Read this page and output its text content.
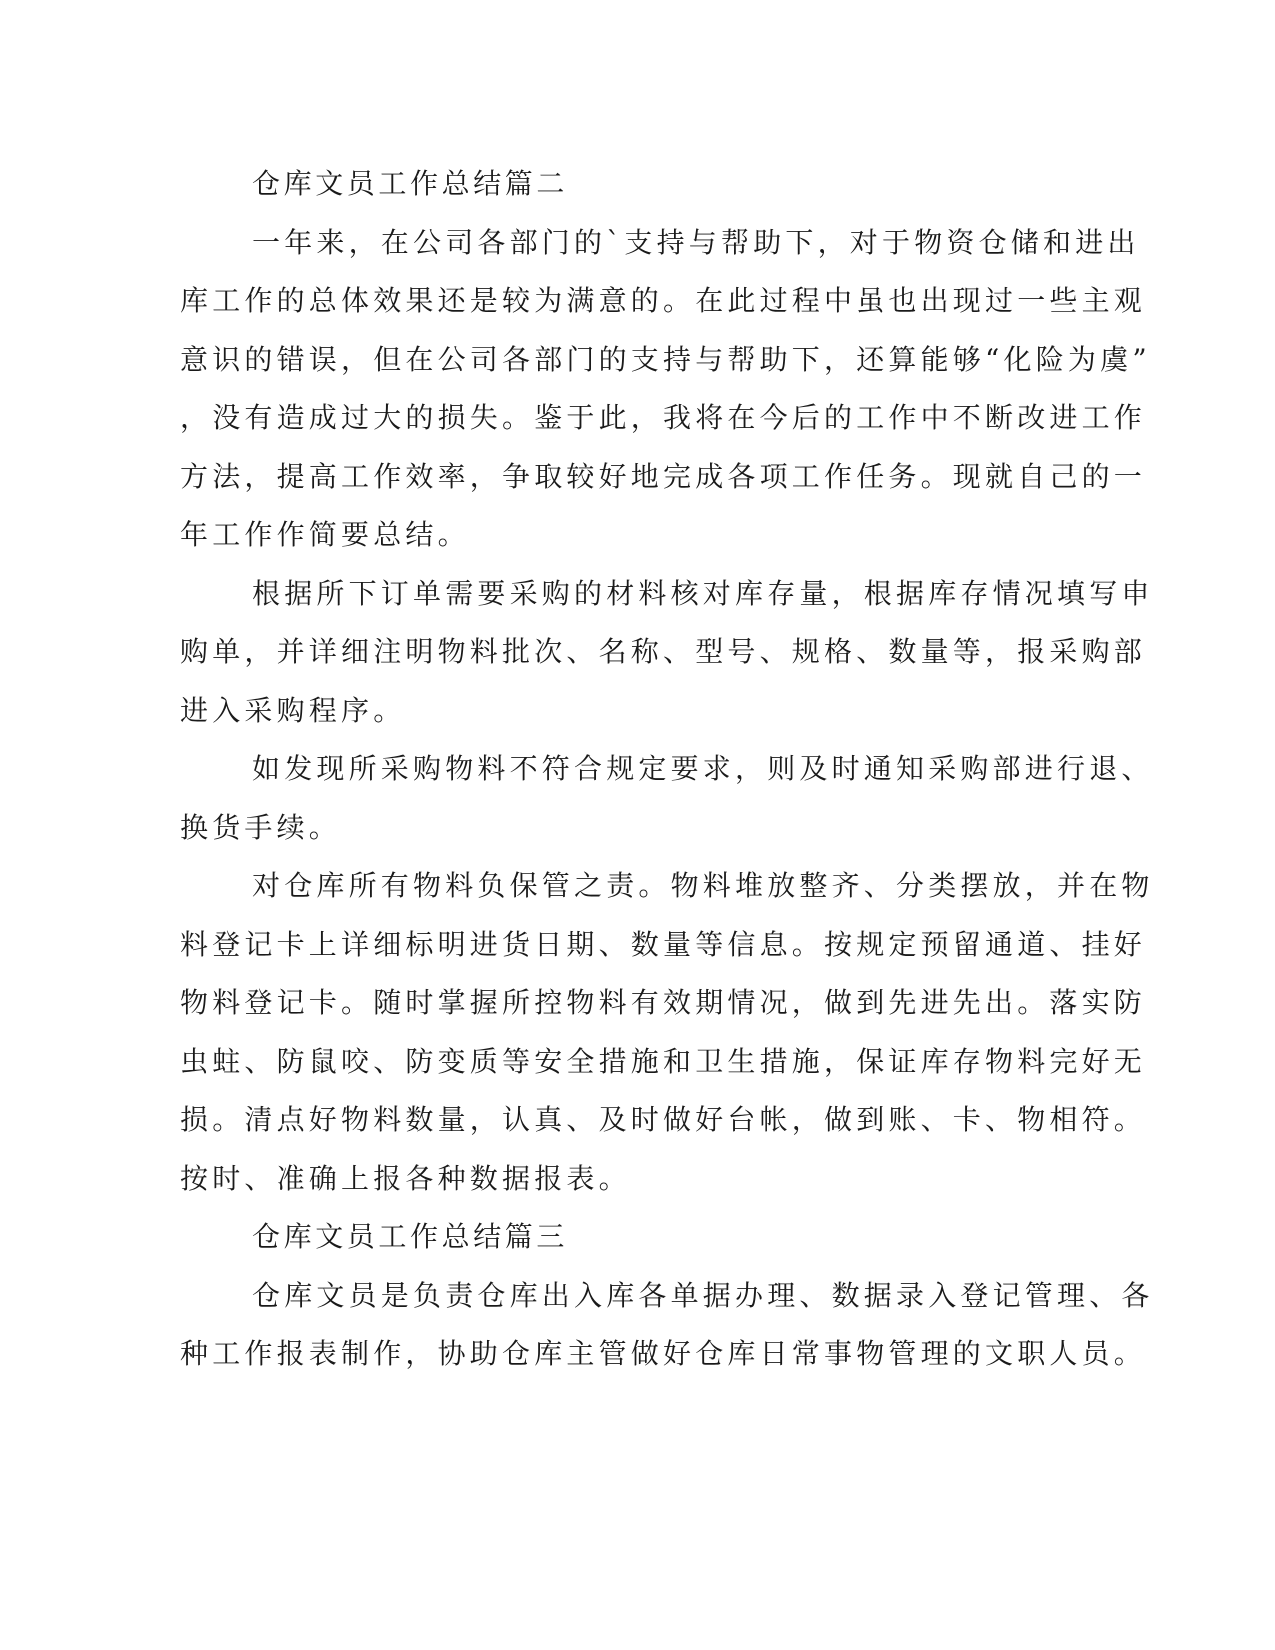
仓库文员工作总结篇二
一年来，在公司各部门的`支持与帮助下，对于物资仓储和进出
库工作的总体效果还是较为满意的。在此过程中虽也出现过一些主观
意识的错误，但在公司各部门的支持与帮助下，还算能够“化险为虞”
，没有造成过大的损失。鉴于此，我将在今后的工作中不断改进工作
方法，提高工作效率，争取较好地完成各项工作任务。现就自己的一
年工作作简要总结。
根据所下订单需要采购的材料核对库存量，根据库存情况填写申
购单，并详细注明物料批次、名称、型号、规格、数量等，报采购部
进入采购程序。
如发现所采购物料不符合规定要求，则及时通知采购部进行退、
换货手续。
对仓库所有物料负保管之责。物料堆放整齐、分类摆放，并在物
料登记卡上详细标明进货日期、数量等信息。按规定预留通道、挂好
物料登记卡。随时掌握所控物料有效期情况，做到先进先出。落实防
虫蛀、防鼠咬、防变质等安全措施和卫生措施，保证库存物料完好无
损。清点好物料数量，认真、及时做好台帐，做到账、卡、物相符。
按时、准确上报各种数据报表。
仓库文员工作总结篇三
仓库文员是负责仓库出入库各单据办理、数据录入登记管理、各
种工作报表制作，协助仓库主管做好仓库日常事物管理的文职人员。
